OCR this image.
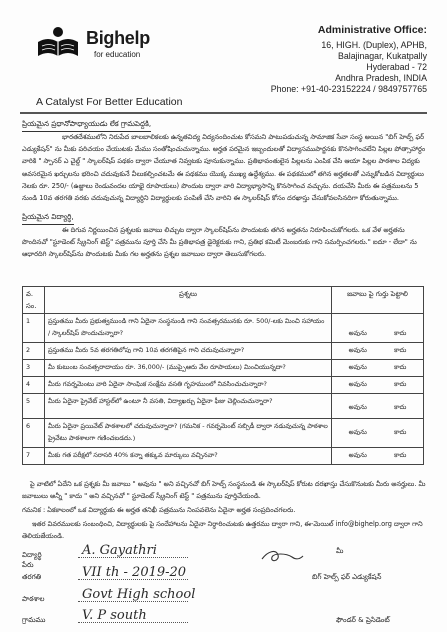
Bighelp
for education
A Catalyst For Better Education
Administrative Office:
16, HIGH. (Duplex), APHB,
Balajinagar, Kukatpally
Hyderabad - 72
Andhra Pradesh, INDIA
Phone: +91-40-23152224 / 9849757765
ప్రియమైన ప్రధానోపాధ్యాయుడు లేక గ్రామపెద్దకి,
భారతదేశములోని నిరుపేద బాలబాలికలకు ఉన్నతవిద్య విద్యనందించుట కోసమని పాటుపడుచున్న సామాజిక సేవా సంస్థ అయిన "బిగ్ హెల్ప్ ఫర్ ఎడ్యుకేషన్" ను మీకు పరిచయం చేయుటకు మేము సంతోషించుచున్నాము. అర్హత పరమైన ఇబ్బందులతో విద్యాసముపార్జనకు కొనసాగించలేని పిల్లల పోత్సాహార్ధం వారికి " స్పానర్ ఎ చైల్డ్ " స్కాలర్‌షిప్ పథకం ద్వారా చేయూత నివ్వటకు పూనుకున్నాము. ప్రతిభావంతులైన పిల్లలను ఎంపిక చేసి ఆయా పిల్లల పాఠశాల విద్యకు అవసరమైన ఖర్చులను భరించి చదువుకునే వీలుకల్పించటమే ఈ పథకము యొక్క ముఖ్య ఉద్దేశ్యము. ఈ పథకములో తగిన అర్హతలతో ఎన్నుకోబడిన విద్యార్థులు నెలకు రూ. 250/- (ఉజ్జాలు రెండువందల యాభై రూపాయలు) పొందుట ద్వారా వారి విద్యాభ్యాసాన్ని కొనసాగించ వచ్చును. దయచేసి మీరు ఈ పత్రములను 5 నుండి 10వ తరగతి వరకు చదువుచున్న విద్యార్థిని విద్యార్థులకు పంపిణీ చేసి వారిని ఈ స్కాలర్‌షిప్ కోసం దరఖాస్తు చేసుకోవలసినదిగా కోరుతున్నాము.
ప్రియమైన విద్యార్థి,
ఈ దిగువ నిర్ణయించిన ప్రశ్నలకు జవాబు లిచ్చుట ద్వారా స్కాలర్‌షిప్‌ను పొందుటకు తగిన అర్హతను నిరూపించుకోగలరు. ఒక వేళ అర్హతను పొందినచో "స్టూడెంట్ స్క్రీనింగ్ టెస్ట్" పత్రమును పూర్తి చేసి మీ ప్రతిభాపత్ర డైరెక్టరుకు గాని, ప్రతిభ కమిటీ మెంబరుకు గాని సమర్పించగలరు." ఐదూ - లేదా" ను ఆధారదిగి స్కాలర్‌షిప్‌ను పొందుటకు మీకు గల అర్హతను ప్రశ్నల జవాబుల ద్వారా తెలుసుకోగలరు.
వ. సం.	ప్రశ్నలు	జవాబు పై గుర్తు పెట్టాలి
1	ప్రస్తుతము మీరు ప్రభుత్వముండి గాని ఏదైనా సంస్థనుండి గాని సంవత్సరమునకు రూ. 500/-లకు మించి సహాయం / స్కాలర్‌షిప్ పొందుచున్నారా?	అవును కాదు

2	ప్రస్తుతము మీరు 5వ తరగతిలోపు గాని 10వ తరగతిపైన గాని చదువుచున్నారా?	అవును కాదు

3	మీ కుటుంబ సంవత్సరాదాయం రూ. 36,000/- (ముప్పైఆరు వేల రూపాయలు) మించియున్నదా?	అవును కాదు

4	మీరు గవర్నమెంటు వారి ఏదైనా సాంఘిక సంక్షేమ వసతి గృహముంలో నివసించుచున్నారా?	అవును కాదు

5	మీరు ఏదైనా ప్రైవేట్ హాస్టల్‌లో ఉంటూ నీ వసతి, విద్యాఖర్చు ఏదైనా ఫీజు చెల్లించుచున్నారా?	అవును కాదు

6	మీరు ఏదైనా ప్రయివేట్ పాఠశాలలో చదువుచున్నారా? (గమనిక - గవర్నమెంట్ సబ్సిడీ ద్వారా నడువుచున్న పాఠశాల ప్రైవేటు పాఠశాలగా గణించబడదు.)	అవును కాదు

7	మీకు గత పరీక్షలో సరాసరి 40% కన్నా తక్కువ మార్కులు వచ్చినవా?	అవును కాదు
పై వాటిలో ఏదేని ఒక ప్రశ్నకు మీ జవాబు " అవును " అని వచ్చినచో బిగ్ హెల్ప్ సంస్థనుండి ఈ స్కాలర్‌షిప్ కోరుట దరఖాస్తు చేసుకొనుటకు మీరు అనర్హులు. మీ జవాబులు అన్నీ " కాదు " అని వచ్చినచో " స్టూడెంట్ స్క్రీనింగ్ టెస్ట్ " పత్రమును పూర్తిచేయండి.
గమనిక : ఏకకాలంలో ఒక విద్యార్థుకు ఈ అర్హత తనిఖీ పత్రమును నింపవలెను ఏదైనా అర్హత సంప్రదించగలరు.
ఇతర వివరములకు సంబంధించి, విద్యార్థులకు పై సందేహాలను ఏదైనా నిర్ధారించుటకు ఉత్తరము ద్వారా గాని, ఈ-మెయిల్ info@bighelp.org ద్వారా గాని తెలియజేయండి.
విద్యార్థి పేరు
A. Gayathri
తరగతి	VII th - 2019-20
పాఠశాల	Govt High school
గ్రామము	V. P south
మీ
బిగ్ హెల్ప్ ఫర్ ఎడ్యుకేషన్
ఫౌండర్ & ప్రెసిడెంట్
